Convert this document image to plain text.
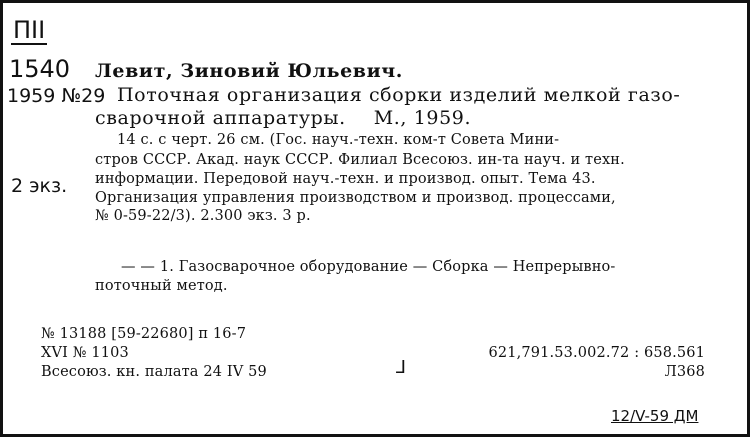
ПІІ
1540
1959 №29
2 экз.
ᒧ
12/V-59 ДМ
Левит, Зиновий Юльевич.
Поточная организация сборки изделий мелкой газо-
сварочной аппаратуры. М., 1959.
14 с. с черт. 26 см. (Гос. науч.-техн. ком-т Совета Мини-
стров СССР. Акад. наук СССР. Филиал Всесоюз. ин-та науч. и техн.
информации. Передовой науч.-техн. и производ. опыт. Тема 43.
Организация управления производством и производ. процессами,
№ 0-59-22/3). 2.300 экз. 3 р.
— — 1. Газосварочное оборудование — Сборка — Непрерывно-
поточный метод.
№ 13188 [59-22680] п 16-7
XVI № 1103
Всесоюз. кн. палата 24 IV 59
621,791.53.002.72 : 658.561
Л368
